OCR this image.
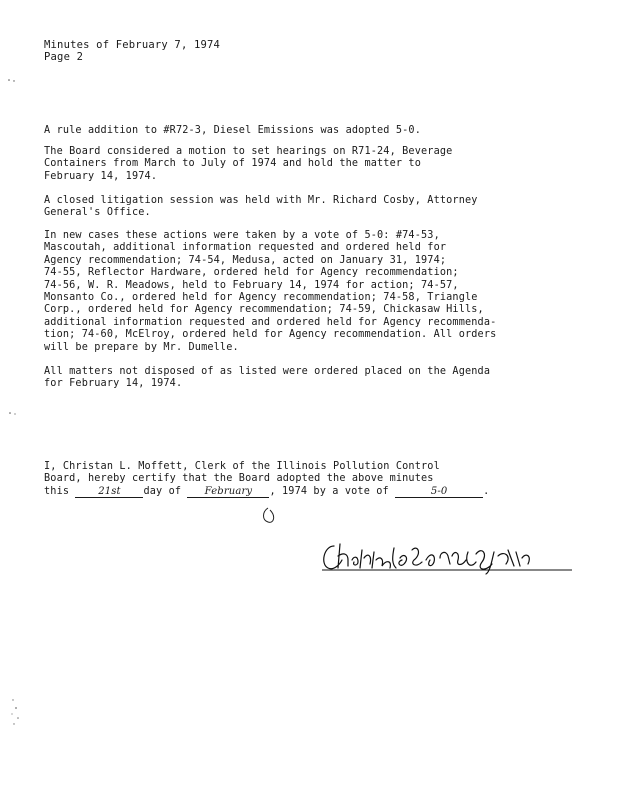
Minutes of February 7, 1974
Page 2
A rule addition to #R72-3, Diesel Emissions was adopted 5-0.
The Board considered a motion to set hearings on R71-24, Beverage
Containers from March to July of 1974 and hold the matter to
February 14, 1974.
A closed litigation session was held with Mr. Richard Cosby, Attorney
General's Office.
In new cases these actions were taken by a vote of 5-0: #74-53,
Mascoutah, additional information requested and ordered held for
Agency recommendation; 74-54, Medusa, acted on January 31, 1974;
74-55, Reflector Hardware, ordered held for Agency recommendation;
74-56, W. R. Meadows, held to February 14, 1974 for action; 74-57,
Monsanto Co., ordered held for Agency recommendation; 74-58, Triangle
Corp., ordered held for Agency recommendation; 74-59, Chickasaw Hills,
additional information requested and ordered held for Agency recommenda-
tion; 74-60, McElroy, ordered held for Agency recommendation. All orders
will be prepare by Mr. Dumelle.
All matters not disposed of as listed were ordered placed on the Agenda
for February 14, 1974.
I, Christan L. Moffett, Clerk of the Illinois Pollution Control
Board, hereby certify that the Board adopted the above minutes
this	21st day of February , 1974 by a vote of	5-0	.
